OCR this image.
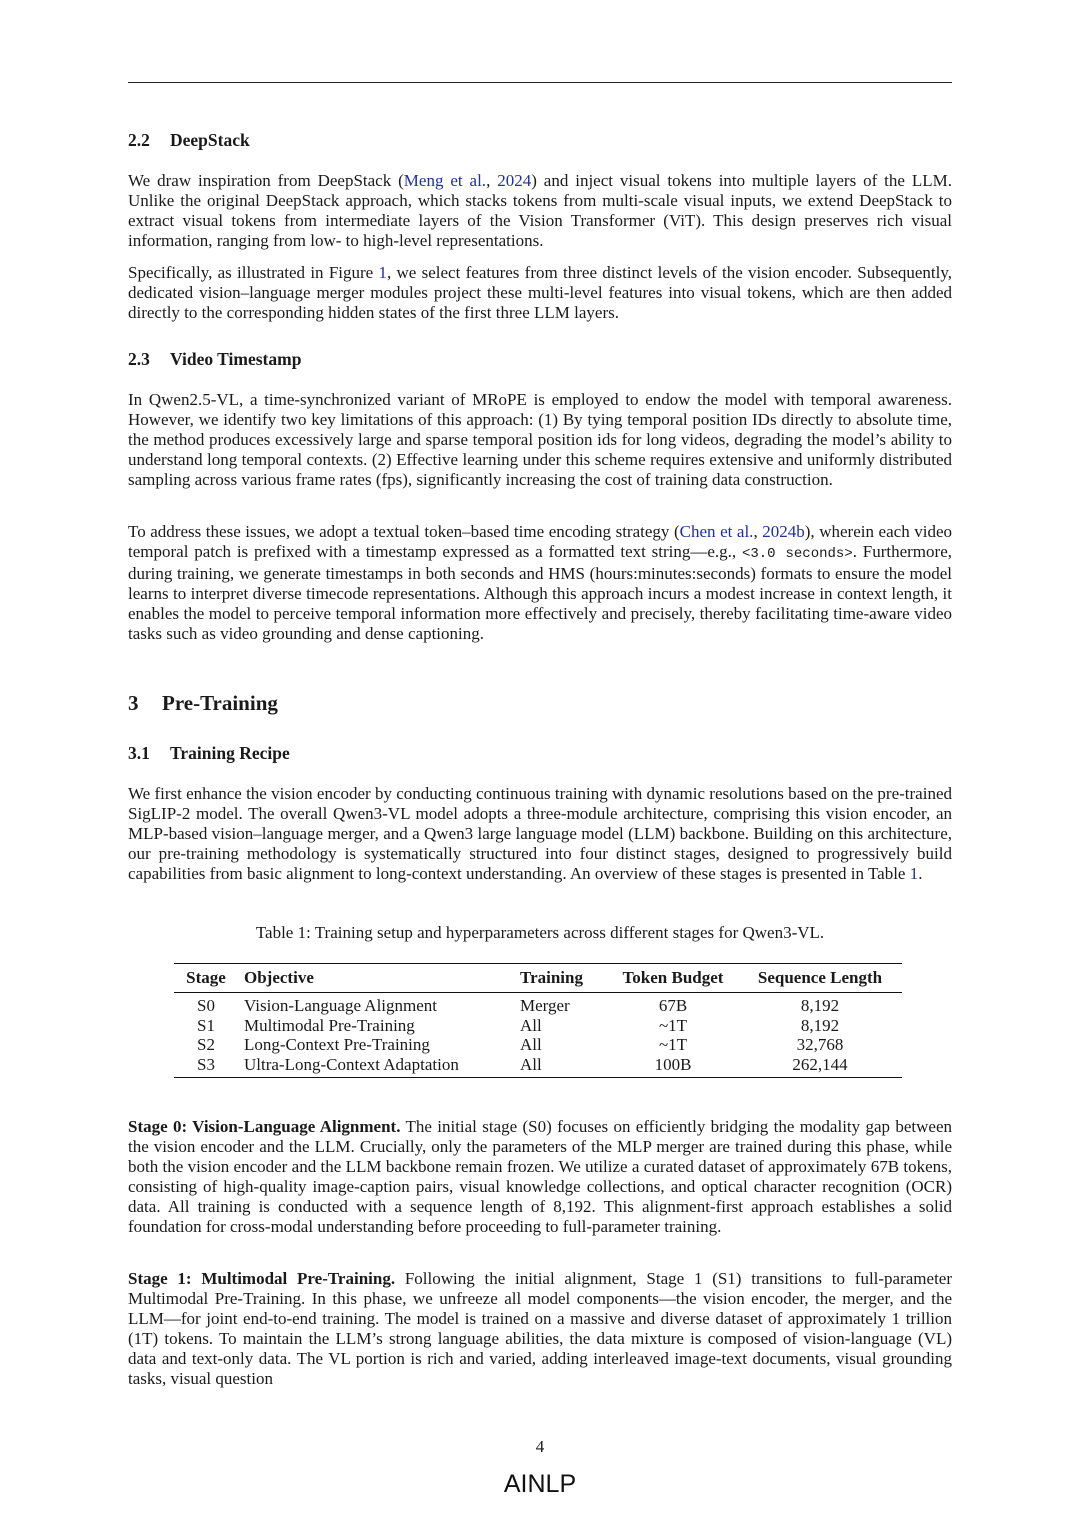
2.2 DeepStack

We draw inspiration from DeepStack (Meng et al., 2024) and inject visual tokens into multiple layers of the LLM. Unlike the original DeepStack approach, which stacks tokens from multi-scale visual inputs, we extend DeepStack to extract visual tokens from intermediate layers of the Vision Transformer (ViT). This design preserves rich visual information, ranging from low- to high-level representations.

Specifically, as illustrated in Figure 1, we select features from three distinct levels of the vision encoder. Subsequently, dedicated vision–language merger modules project these multi-level features into visual tokens, which are then added directly to the corresponding hidden states of the first three LLM layers.

2.3 Video Timestamp

In Qwen2.5-VL, a time-synchronized variant of MRoPE is employed to endow the model with temporal awareness. However, we identify two key limitations of this approach: (1) By tying temporal position IDs directly to absolute time, the method produces excessively large and sparse temporal position ids for long videos, degrading the model’s ability to understand long temporal contexts. (2) Effective learning under this scheme requires extensive and uniformly distributed sampling across various frame rates (fps), significantly increasing the cost of training data construction.

To address these issues, we adopt a textual token–based time encoding strategy (Chen et al., 2024b), wherein each video temporal patch is prefixed with a timestamp expressed as a formatted text string—e.g., <3.0 seconds>. Furthermore, during training, we generate timestamps in both seconds and HMS (hours:minutes:seconds) formats to ensure the model learns to interpret diverse timecode representations. Although this approach incurs a modest increase in context length, it enables the model to perceive temporal information more effectively and precisely, thereby facilitating time-aware video tasks such as video grounding and dense captioning.

3 Pre-Training
3.1 Training Recipe

We first enhance the vision encoder by conducting continuous training with dynamic resolutions based on the pre-trained SigLIP-2 model. The overall Qwen3-VL model adopts a three-module architecture, comprising this vision encoder, an MLP-based vision–language merger, and a Qwen3 large language model (LLM) backbone. Building on this architecture, our pre-training methodology is systematically structured into four distinct stages, designed to progressively build capabilities from basic alignment to long-context understanding. An overview of these stages is presented in Table 1.

Table 1: Training setup and hyperparameters across different stages for Qwen3-VL.

Stage	Objective	Training	Token Budget	Sequence Length
S0	Vision-Language Alignment	Merger	67B	8,192
S1	Multimodal Pre-Training	All	~1T	8,192
S2	Long-Context Pre-Training	All	~1T	32,768
S3	Ultra-Long-Context Adaptation	All	100B	262,144

Stage 0: Vision-Language Alignment. The initial stage (S0) focuses on efficiently bridging the modality gap between the vision encoder and the LLM. Crucially, only the parameters of the MLP merger are trained during this phase, while both the vision encoder and the LLM backbone remain frozen. We utilize a curated dataset of approximately 67B tokens, consisting of high-quality image-caption pairs, visual knowledge collections, and optical character recognition (OCR) data. All training is conducted with a sequence length of 8,192. This alignment-first approach establishes a solid foundation for cross-modal understanding before proceeding to full-parameter training.

Stage 1: Multimodal Pre-Training. Following the initial alignment, Stage 1 (S1) transitions to full-parameter Multimodal Pre-Training. In this phase, we unfreeze all model components—the vision encoder, the merger, and the LLM—for joint end-to-end training. The model is trained on a massive and diverse dataset of approximately 1 trillion (1T) tokens. To maintain the LLM’s strong language abilities, the data mixture is composed of vision-language (VL) data and text-only data. The VL portion is rich and varied, adding interleaved image-text documents, visual grounding tasks, visual question

4
AINLP
